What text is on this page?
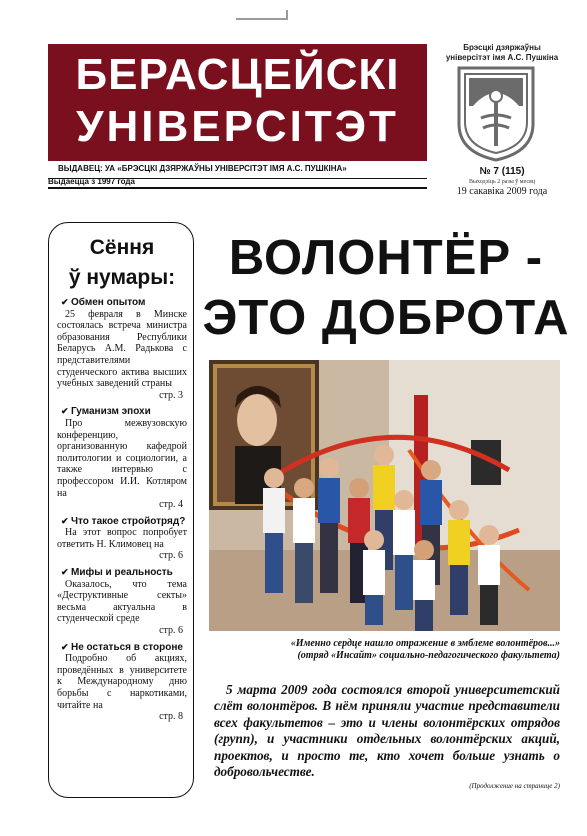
БЕРАСЦЕЙСКІ
УНІВЕРСІТЭТ
Брэсцкі дзяржаўны
універсітэт імя А.С. Пушкіна
ВЫДАВЕЦ: УА «БРЭСЦКІ ДЗЯРЖАЎНЫ УНІВЕРСІТЭТ ІМЯ А.С. ПУШКІНА»
Выдаецца з 1997 года
№ 7 (115)
Выходзіць 2 разы ў месяц
19 сакавіка 2009 года
Сёння
ў нумары:
✔ Обмен опытом
25 февраля в Минске состоялась встреча министра образования Республики Беларусь А.М. Радькова с представителями студенческого актива высших учебных заведений страны
стр. 3
✔ Гуманизм эпохи
Про межвузовскую конференцию, организованную кафедрой политологии и социологии, а также интервью с профессором И.И. Котляром на
стр. 4
✔ Что такое стройотряд?
На этот вопрос попробует ответить Н. Климовец на
стр. 6
✔ Мифы и реальность
Оказалось, что тема «Деструктивные секты» весьма актуальна в студенческой среде
стр. 6
✔ Не остаться в стороне
Подробно об акциях, проведённых в университете к Международному дню борьбы с наркотиками, читайте на
стр. 8
ВОЛОНТЁР -
ЭТО ДОБРОТА
«Именно сердце нашло отражение в эмблеме волонтёров...»
(отряд «Инсайт» социально-педагогического факультета)

5 марта 2009 года состоялся второй университетский слёт волонтёров. В нём приняли участие представители всех факультетов – это и члены волонтёрских отрядов (групп), и участники отдельных волонтёрских акций, проектов, и просто те, кто хочет больше узнать о добровольчестве.

(Продолжение на странице 2)
